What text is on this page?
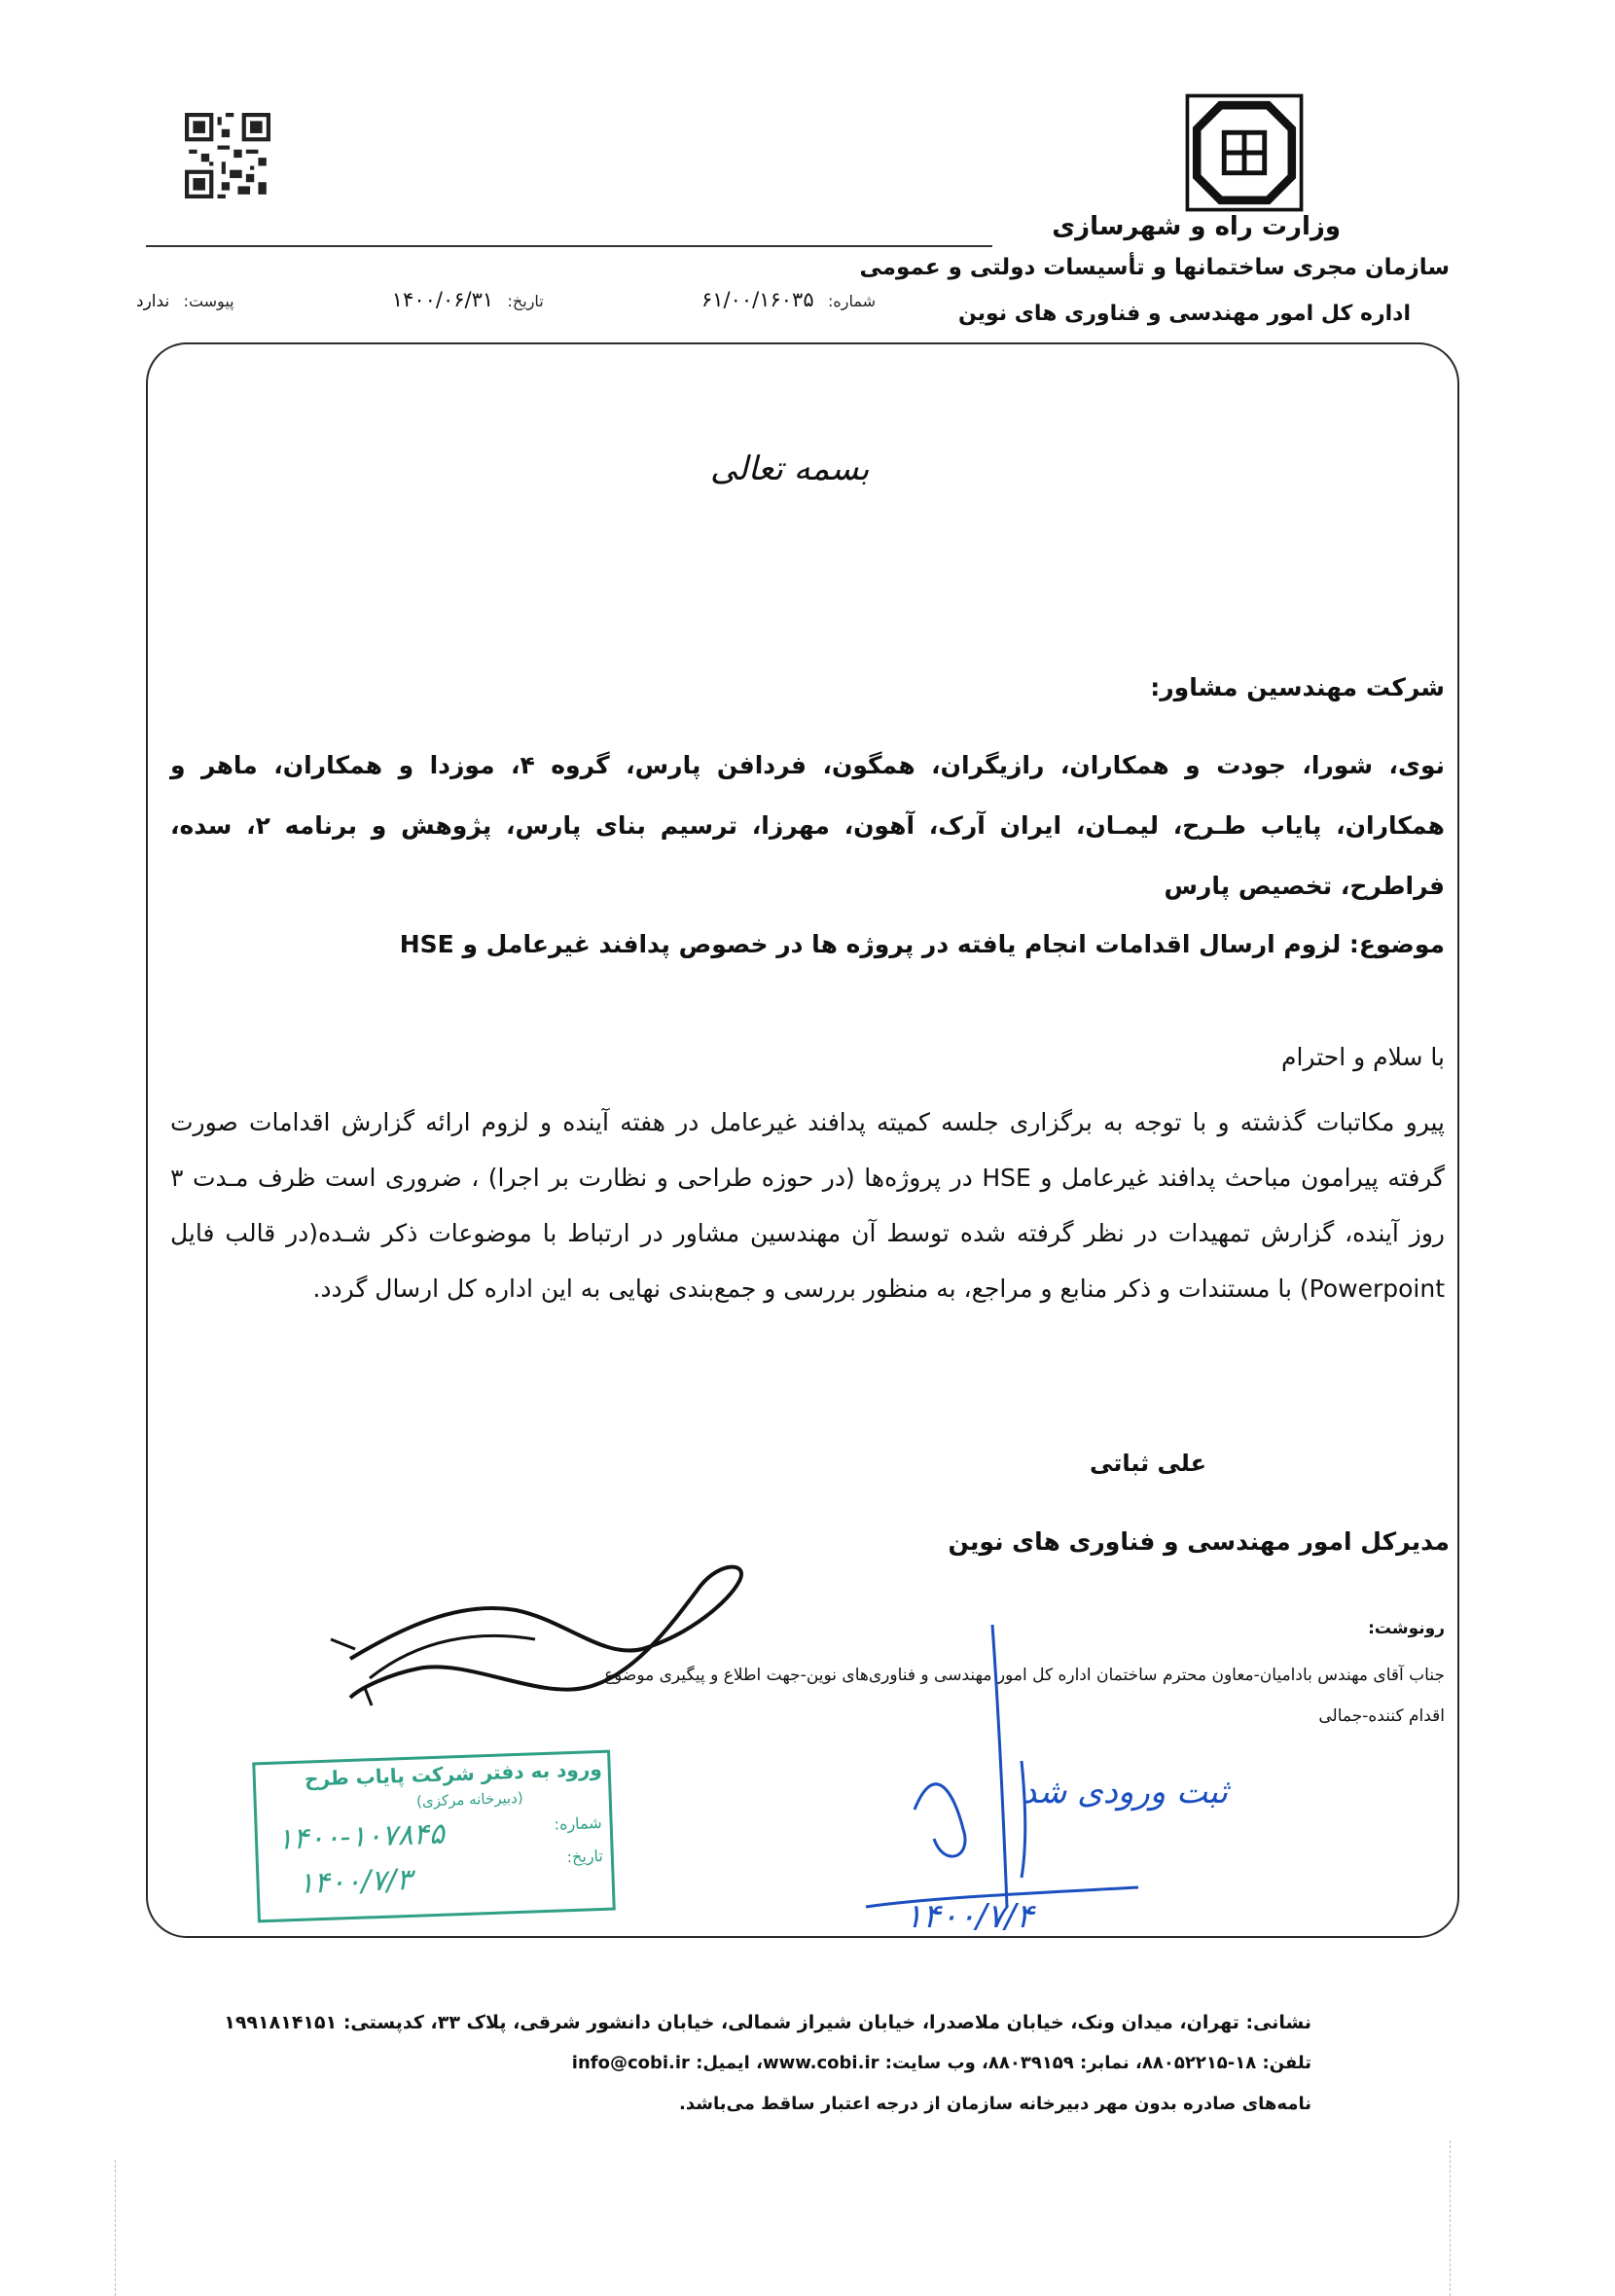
وزارت راه و شهرسازی
سازمان مجری ساختمانها و تأسیسات دولتی و عمومی
اداره کل امور مهندسی و فناوری های نوین
شماره: ۶۱/۰۰/۱۶۰۳۵
تاریخ: ۱۴۰۰/۰۶/۳۱
پیوست: ندارد
بسمه تعالی
شرکت مهندسین مشاور:
نوی، شورا، جودت و همکاران، رازیگران، همگون، فردافن پارس، گروه ۴، موزدا و همکاران، ماهر و همکاران، پایاب طـرح، لیمـان، ایران آرک، آهون، مهرزا، ترسیم بنای پارس، پژوهش و برنامه ۲، سده، فراطرح، تخصیص پارس
موضوع: لزوم ارسال اقدامات انجام یافته در پروژه ها در خصوص پدافند غیرعامل و HSE
با سلام و احترام
پیرو مکاتبات گذشته و با توجه به برگزاری جلسه کمیته پدافند غیرعامل در هفته آینده و لزوم ارائه گزارش اقدامات صورت گرفته پیرامون مباحث پدافند غیرعامل و HSE در پروژه‌ها (در حوزه طراحی و نظارت بر اجرا) ، ضروری است ظرف مـدت ۳ روز آینده، گزارش تمهیدات در نظر گرفته شده توسط آن مهندسین مشاور در ارتباط با موضوعات ذکر شـده(در قالب فایل Powerpoint) با مستندات و ذکر منابع و مراجع، به منظور بررسی و جمع‌بندی نهایی به این اداره کل ارسال گردد.
علی ثباتی
مدیرکل امور مهندسی و فناوری های نوین
رونوشت:
جناب آقای مهندس بادامیان-معاون محترم ساختمان اداره کل امور مهندسی و فناوری‌های نوین-جهت اطلاع و پیگیری موضوع
اقدام کننده-جمالی
ورود به دفتر شرکت پایاب طرح
(دبیرخانه مرکزی)
شماره:
تاریخ:
۱۴۰۰-۱۰۷۸۴۵
۱۴۰۰/۷/۳
ثبت ورودی شد
۱۴۰۰/۷/۴
نشانی: تهران، میدان ونک، خیابان ملاصدرا، خیابان شیراز شمالی، خیابان دانشور شرقی، پلاک ۳۳، کدپستی: ۱۹۹۱۸۱۴۱۵۱
تلفن: ۱۸-۸۸۰۵۲۲۱۵، نمابر: ۸۸۰۳۹۱۵۹، وب سایت: www.cobi.ir، ایمیل: info@cobi.ir
نامه‌های صادره بدون مهر دبیرخانه سازمان از درجه اعتبار ساقط می‌باشد.
